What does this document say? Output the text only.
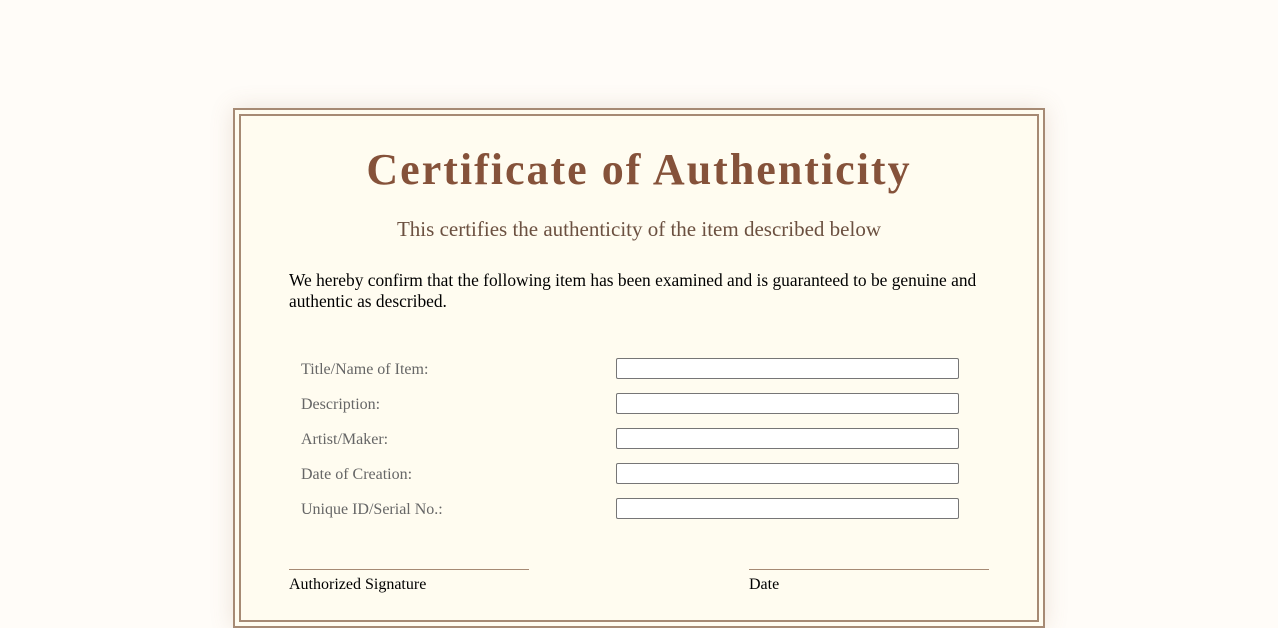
Certificate of Authenticity

This certifies the authenticity of the item described below

We hereby confirm that the following item has been examined and is guaranteed to be genuine and authentic as described.

Title/Name of Item:
Description:
Artist/Maker:
Date of Creation:
Unique ID/Serial No.:
Authorized Signature	Date
